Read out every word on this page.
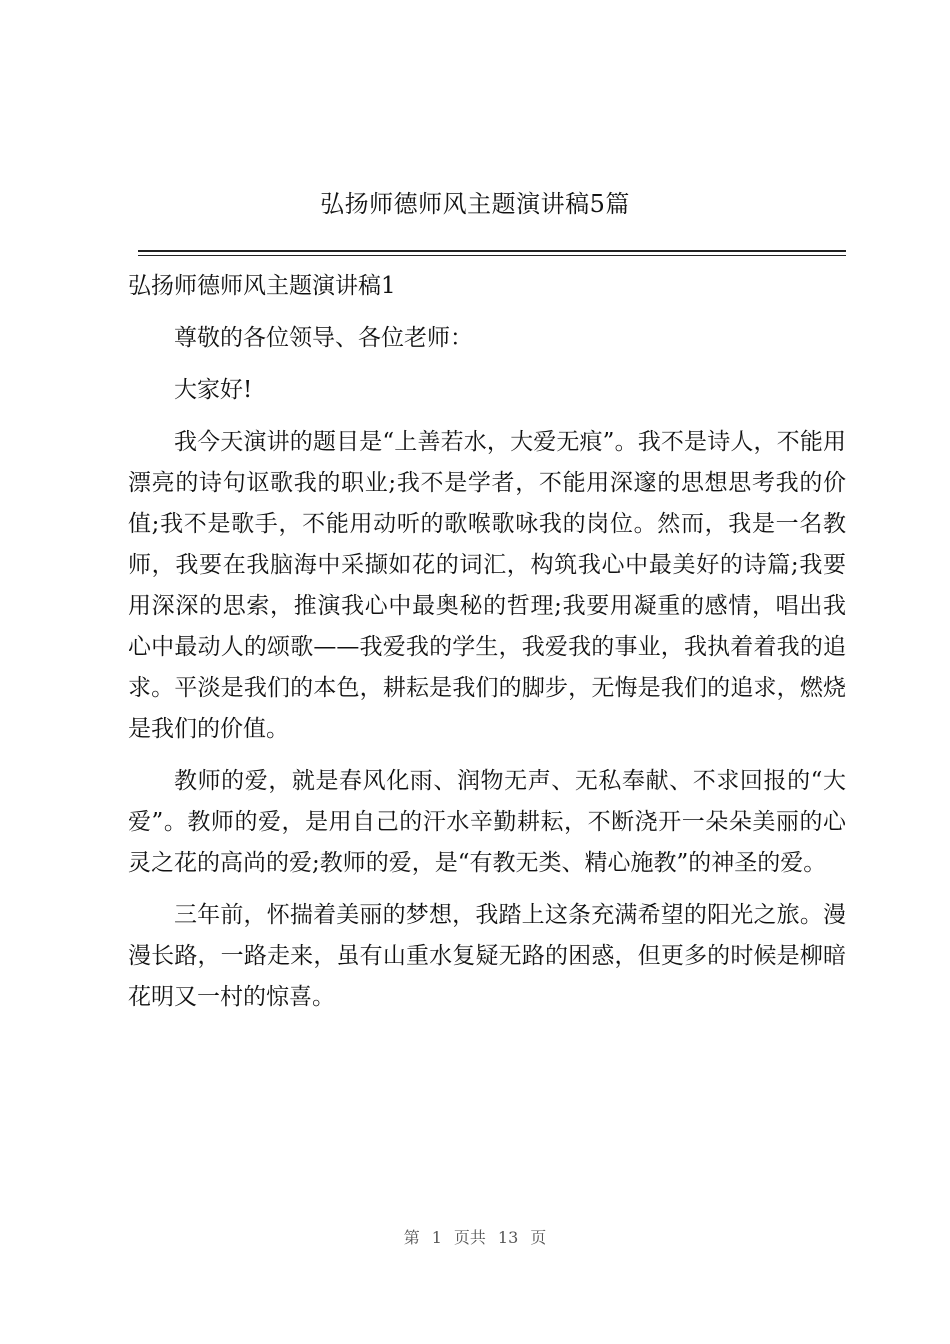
弘扬师德师风主题演讲稿5篇
弘扬师德师风主题演讲稿1

尊敬的各位领导、各位老师：

大家好!

我今天演讲的题目是“上善若水，大爱无痕”。我不是诗人，不能用漂亮的诗句讴歌我的职业;我不是学者，不能用深邃的思想思考我的价值;我不是歌手，不能用动听的歌喉歌咏我的岗位。然而，我是一名教师，我要在我脑海中采撷如花的词汇，构筑我心中最美好的诗篇;我要用深深的思索，推演我心中最奥秘的哲理;我要用凝重的感情，唱出我心中最动人的颂歌——我爱我的学生，我爱我的事业，我执着着我的追求。平淡是我们的本色，耕耘是我们的脚步，无悔是我们的追求，燃烧是我们的价值。

教师的爱，就是春风化雨、润物无声、无私奉献、不求回报的“大爱”。教师的爱，是用自己的汗水辛勤耕耘，不断浇开一朵朵美丽的心灵之花的高尚的爱;教师的爱，是“有教无类、精心施教”的神圣的爱。

三年前，怀揣着美丽的梦想，我踏上这条充满希望的阳光之旅。漫漫长路，一路走来，虽有山重水复疑无路的困惑，但更多的时候是柳暗花明又一村的惊喜。

第 1 页共 13 页
